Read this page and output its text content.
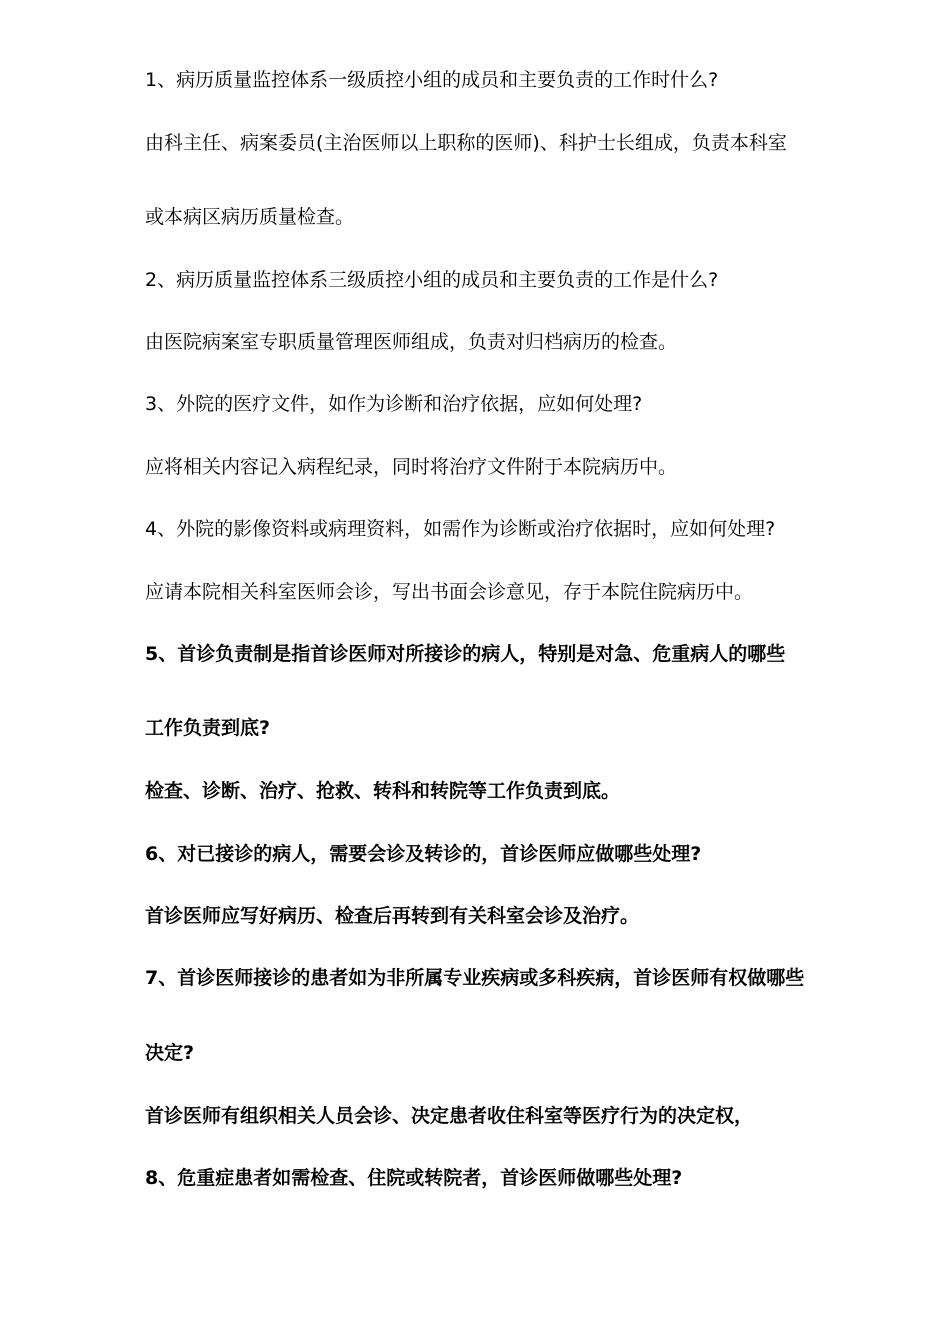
1、病历质量监控体系一级质控小组的成员和主要负责的工作时什么?

由科主任、病案委员(主治医师以上职称的医师)、科护士长组成，负责本科室

或本病区病历质量检查。

2、病历质量监控体系三级质控小组的成员和主要负责的工作是什么?

由医院病案室专职质量管理医师组成，负责对归档病历的检查。

3、外院的医疗文件，如作为诊断和治疗依据，应如何处理?

应将相关内容记入病程纪录，同时将治疗文件附于本院病历中。

4、外院的影像资料或病理资料，如需作为诊断或治疗依据时，应如何处理?

应请本院相关科室医师会诊，写出书面会诊意见，存于本院住院病历中。

5、首诊负责制是指首诊医师对所接诊的病人，特别是对急、危重病人的哪些

工作负责到底?

检查、诊断、治疗、抢救、转科和转院等工作负责到底。

6、对已接诊的病人，需要会诊及转诊的，首诊医师应做哪些处理?

首诊医师应写好病历、检查后再转到有关科室会诊及治疗。

7、首诊医师接诊的患者如为非所属专业疾病或多科疾病，首诊医师有权做哪些

决定?

首诊医师有组织相关人员会诊、决定患者收住科室等医疗行为的决定权，

8、危重症患者如需检查、住院或转院者，首诊医师做哪些处理?
